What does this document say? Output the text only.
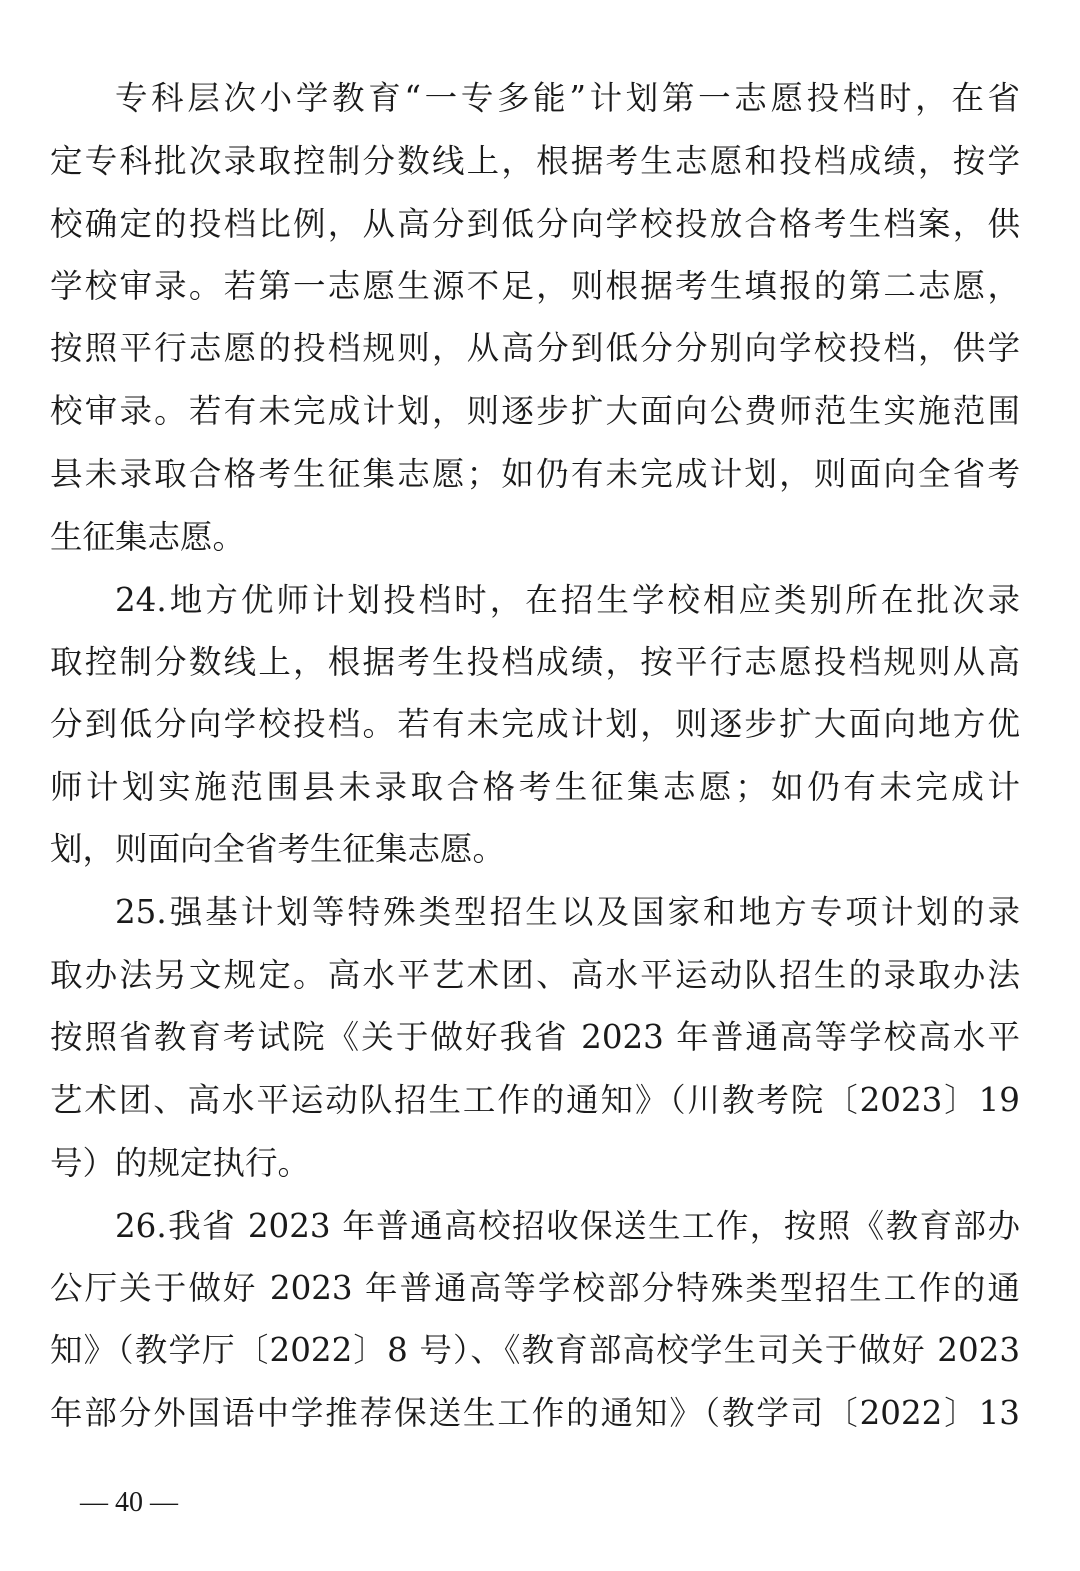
专科层次小学教育“一专多能”计划第一志愿投档时，在省
定专科批次录取控制分数线上，根据考生志愿和投档成绩，按学
校确定的投档比例，从高分到低分向学校投放合格考生档案，供
学校审录。若第一志愿生源不足，则根据考生填报的第二志愿，
按照平行志愿的投档规则，从高分到低分分别向学校投档，供学
校审录。若有未完成计划，则逐步扩大面向公费师范生实施范围
县未录取合格考生征集志愿；如仍有未完成计划，则面向全省考
生征集志愿。
24.地方优师计划投档时，在招生学校相应类别所在批次录
取控制分数线上，根据考生投档成绩，按平行志愿投档规则从高
分到低分向学校投档。若有未完成计划，则逐步扩大面向地方优
师计划实施范围县未录取合格考生征集志愿；如仍有未完成计
划，则面向全省考生征集志愿。
25.强基计划等特殊类型招生以及国家和地方专项计划的录
取办法另文规定。高水平艺术团、高水平运动队招生的录取办法
按照省教育考试院《关于做好我省 2023 年普通高等学校高水平
艺术团、高水平运动队招生工作的通知》（川教考院〔2023〕19
号）的规定执行。
26.我省 2023 年普通高校招收保送生工作，按照《教育部办
公厅关于做好 2023 年普通高等学校部分特殊类型招生工作的通
知》（教学厅〔2022〕8 号）、《教育部高校学生司关于做好 2023
年部分外国语中学推荐保送生工作的通知》（教学司〔2022〕13
— 40 —
